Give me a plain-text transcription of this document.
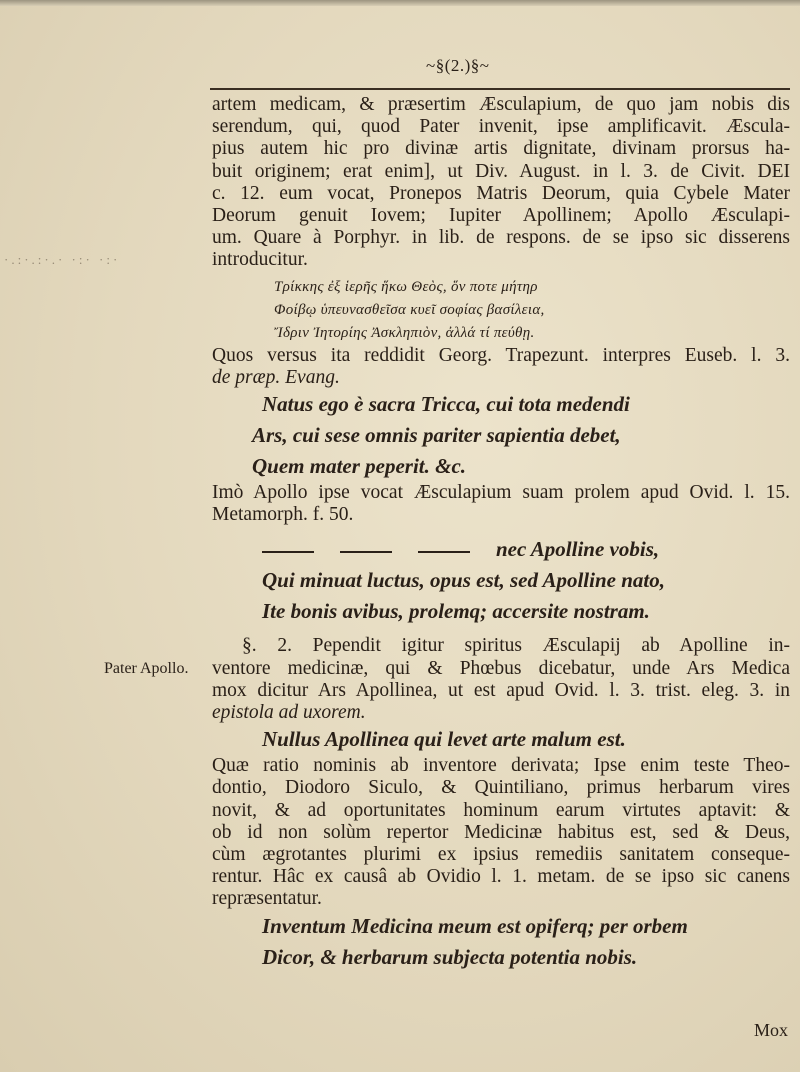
~§(2.)§~
·.:·.:·.· ·:· ·:·
Pater Apollo.
artem medicam, & præsertim Æsculapium, de quo jam nobis dis
serendum, qui, quod Pater invenit, ipse amplificavit. Æscula-
pius autem hic pro divinæ artis dignitate, divinam prorsus ha-
buit originem; erat enim], ut Div. August. in l. 3. de Civit. DEI
c. 12. eum vocat, Pronepos Matris Deorum, quia Cybele Mater
Deorum genuit Iovem; Iupiter Apollinem; Apollo Æsculapi-
um. Quare à Porphyr. in lib. de respons. de se ipso sic disserens
introducitur.
Τρίκκης ἐξ ἱερῆς ἥκω Θεὸς, ὅν ποτε μήτηρ
Φοίβῳ ὑπευνασθεῖσα κυεῖ σοφίας βασίλεια,
Ἴδριν Ἰητορίης Ἀσκληπιὸν, ἀλλά τί πεύθῃ.
Quos versus ita reddidit Georg. Trapezunt. interpres Euseb. l. 3.
de præp. Evang.
Natus ego è sacra Tricca, cui tota medendi
Ars, cui sese omnis pariter sapientia debet,
Quem mater peperit. &c.
Imò Apollo ipse vocat Æsculapium suam prolem apud Ovid. l. 15.
Metamorph. f. 50.
nec Apolline vobis,
Qui minuat luctus, opus est, sed Apolline nato,
Ite bonis avibus, prolemq; accersite nostram.
§. 2. Pependit igitur spiritus Æsculapij ab Apolline in-
ventore medicinæ, qui & Phœbus dicebatur, unde Ars Medica
mox dicitur Ars Apollinea, ut est apud Ovid. l. 3. trist. eleg. 3. in
epistola ad uxorem.
Nullus Apollinea qui levet arte malum est.
Quæ ratio nominis ab inventore derivata; Ipse enim teste Theo-
dontio, Diodoro Siculo, & Quintiliano, primus herbarum vires
novit, & ad oportunitates hominum earum virtutes aptavit: &
ob id non solùm repertor Medicinæ habitus est, sed & Deus,
cùm ægrotantes plurimi ex ipsius remediis sanitatem conseque-
rentur. Hâc ex causâ ab Ovidio l. 1. metam. de se ipso sic canens
repræsentatur.
Inventum Medicina meum est opiferq; per orbem
Dicor, & herbarum subjecta potentia nobis.
Mox
